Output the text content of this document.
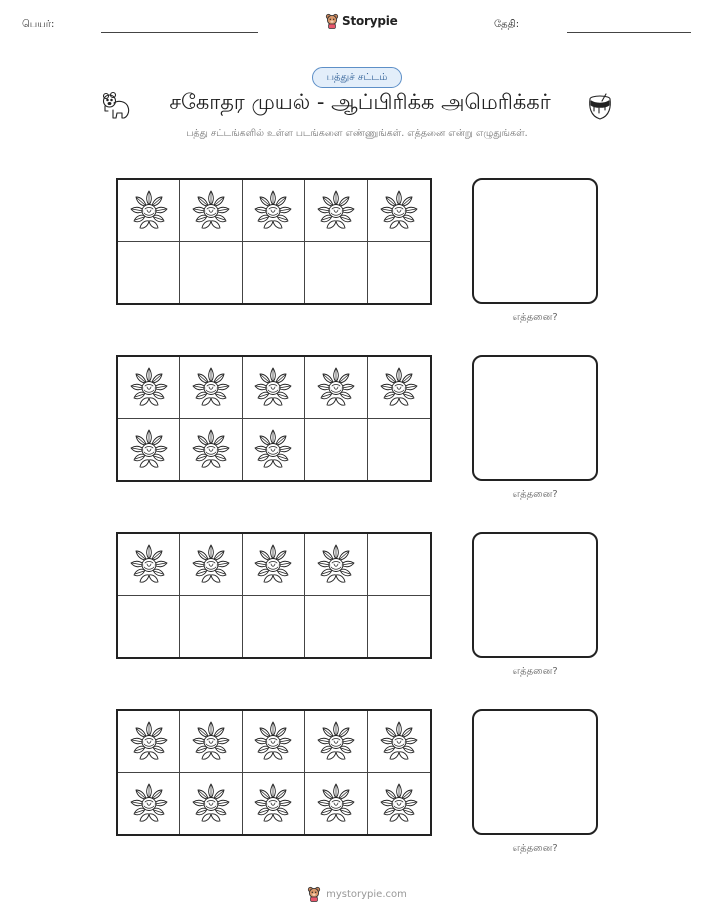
பெயர்:	Storypie	தேதி:
பத்துச் சட்டம்
சகோதர முயல் - ஆப்பிரிக்க அமெரிக்கர்
பத்து சட்டங்களில் உள்ள படங்களை எண்ணுங்கள். எத்தனை என்று எழுதுங்கள்.
எத்தனை?
எத்தனை?
எத்தனை?
எத்தனை?
mystorypie.com
